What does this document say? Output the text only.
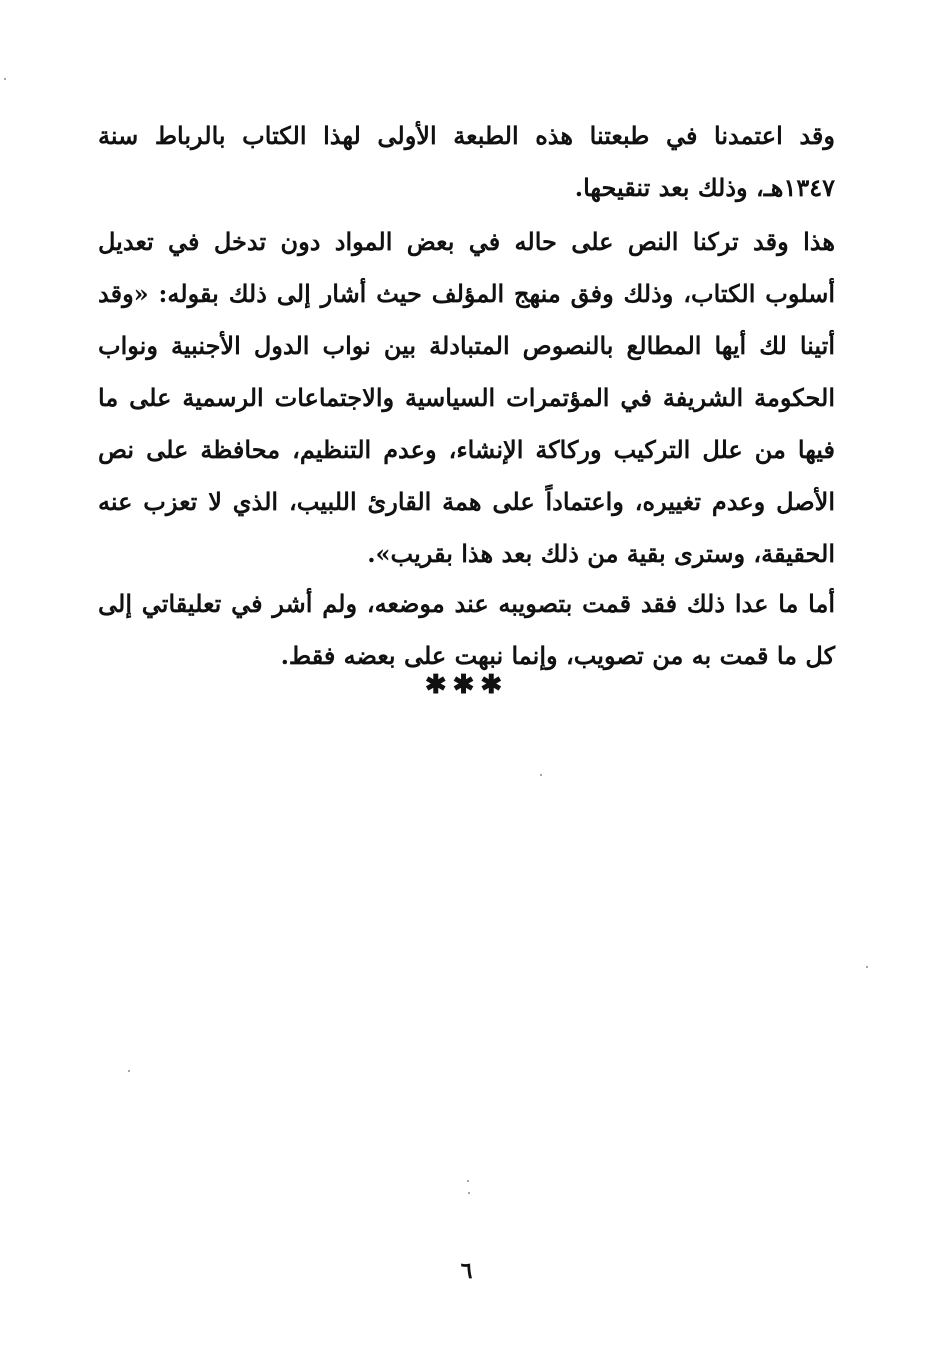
وقد اعتمدنا في طبعتنا هذه الطبعة الأولى لهذا الكتاب بالرباط سنة ١٣٤٧هـ، وذلك بعد تنقيحها.

هذا وقد تركنا النص على حاله في بعض المواد دون تدخل في تعديل أسلوب الكتاب، وذلك وفق منهج المؤلف حيث أشار إلى ذلك بقوله: «وقد أتينا لك أيها المطالع بالنصوص المتبادلة بين نواب الدول الأجنبية ونواب الحكومة الشريفة في المؤتمرات السياسية والاجتماعات الرسمية على ما فيها من علل التركيب وركاكة الإنشاء، وعدم التنظيم، محافظة على نص الأصل وعدم تغييره، واعتماداً على همة القارئ اللبيب، الذي لا تعزب عنه الحقيقة، وسترى بقية من ذلك بعد هذا بقريب».

أما ما عدا ذلك فقد قمت بتصويبه عند موضعه، ولم أشر في تعليقاتي إلى كل ما قمت به من تصويب، وإنما نبهت على بعضه فقط.

✱✱✱
٦
